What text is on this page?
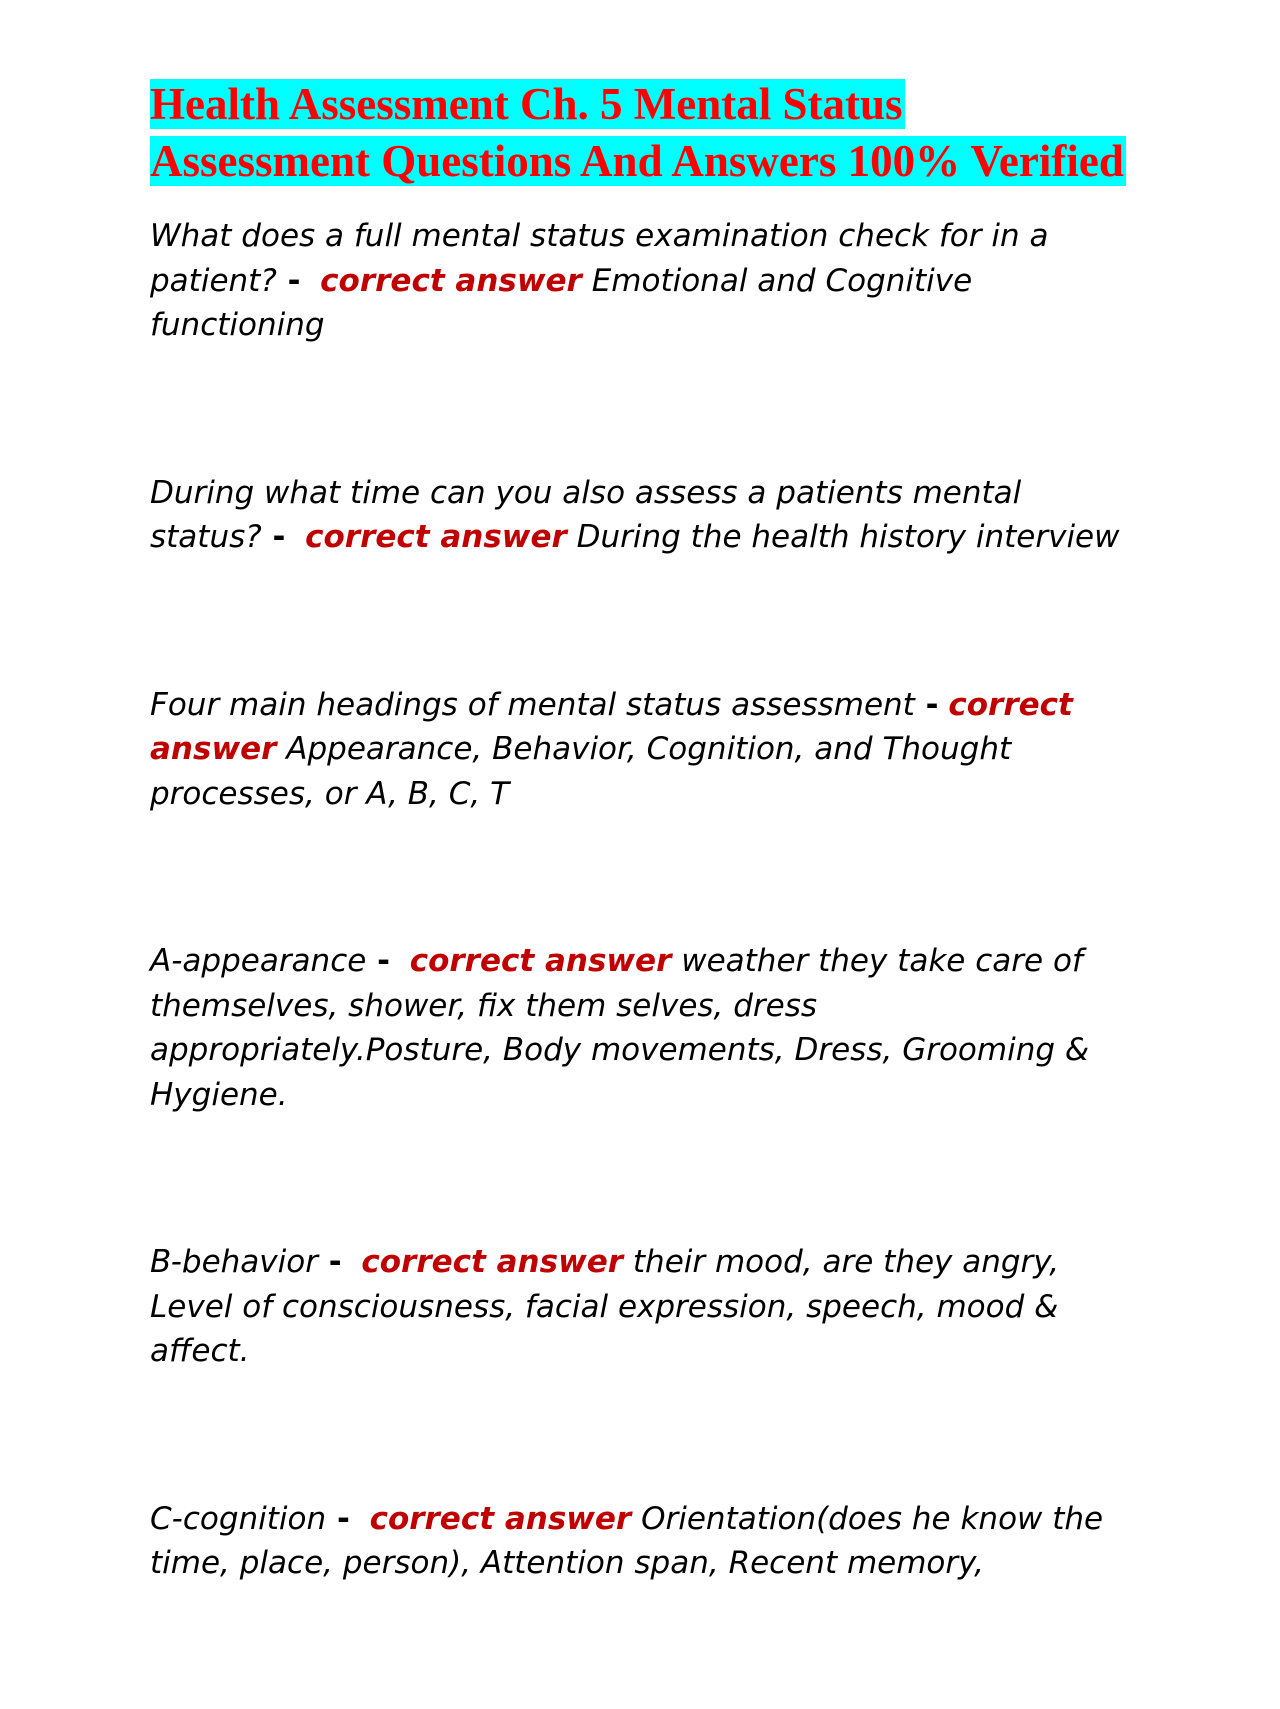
Health Assessment Ch. 5 Mental Status Assessment Questions And Answers 100% Verified

What does a full mental status examination check for in a patient? - correct answer Emotional and Cognitive functioning

During what time can you also assess a patients mental status? - correct answer During the health history interview

Four main headings of mental status assessment - correct answer Appearance, Behavior, Cognition, and Thought processes, or A, B, C, T

A-appearance - correct answer weather they take care of themselves, shower, fix them selves, dress appropriately.Posture, Body movements, Dress, Grooming & Hygiene.

B-behavior - correct answer their mood, are they angry, Level of consciousness, facial expression, speech, mood & affect.

C-cognition - correct answer Orientation(does he know the time, place, person), Attention span, Recent memory,
